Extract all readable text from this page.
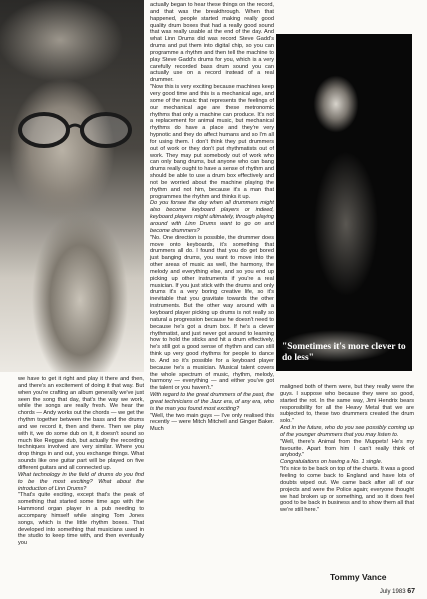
"Sometimes it's more clever to do less"

we have to get it right and play it there and then, and there's an excitement of doing it that way. But when you're crafting an album generally we've just seen the song that day, that's the way we work, while the songs are really fresh. We hear the chords — Andy works out the chords — we get the rhythm together between the bass and the drums and we record it, then and there. Then we play with it, we do some dub on it, it doesn't sound so much like Reggae dub, but actually the recording techniques involved are very similar. Where you drop things in and out, you exchange things. What sounds like one guitar part will be played on five different guitars and all connected up.

What technology in the field of drums do you find to be the most exciting? What about the introduction of Linn Drums?

"That's quite exciting, except that's the peak of something that started some time ago with the Hammond organ player in a pub needing to accompany himself while singing Tom Jones songs, which is the little rhythm boxes. That developed into something that musicians used in the studio to keep time with, and then eventually you

actually began to hear these things on the record, and that was the breakthrough. When that happened, people started making really good quality drum boxes that had a really good sound that was really usable at the end of the day. And what Linn Drums did was record Steve Gadd's drums and put them into digital chip, so you can programme a rhythm and then tell the machine to play Steve Gadd's drums for you, which is a very carefully recorded bass drum sound you can actually use on a record instead of a real drummer.

"Now this is very exciting because machines keep very good time and this is a mechanical age, and some of the music that represents the feelings of our mechanical age are these metronomic rhythms that only a machine can produce. It's not a replacement for animal music, but mechanical rhythms do have a place and they're very hypnotic and they do affect humans and so I'm all for using them. I don't think they put drummers out of work or they don't put rhythmatists out of work. They may put somebody out of work who can only bang drums, but anyone who can bang drums really ought to have a sense of rhythm and should be able to use a drum box effectively and not be worried about the machine playing the rhythm and not him, because it's a man that programmes the rhythm and thinks it up.

Do you forsee the day when all drummers might also become keyboard players or indeed, keyboard players might ultimately, through playing around with Linn Drums want to go on and become drummers?

"No. One direction is possible, the drummer does move onto keyboards, it's something that drummers all do. I found that you do get bored just banging drums, you want to move into the other areas of music as well, the harmony, the melody and everything else, and so you end up picking up other instruments if you're a real musician. If you just stick with the drums and only drums it's a very boring creative life, so it's inevitable that you gravitate towards the other instruments. But the other way around with a keyboard player picking up drums is not really so natural a progression because he doesn't need to because he's got a drum box. If he's a clever rhythmatist, and just never got around to learning how to hold the sticks and hit a drum effectively, he's still got a good sense of rhythm and can still think up very good rhythms for people to dance to. And so it's possible for a keyboard player because he's a musician. Musical talent covers the whole spectrum of music, rhythm, melody, harmony — everything — and either you've got the talent or you haven't."

With regard to the great drummers of the past, the great technicians of the Jazz era, of any era, who is the man you found most exciting?

"Well, the two main guys — I've only realised this recently — were Mitch Mitchell and Ginger Baker. Much

maligned both of them were, but they really were the guys. I suppose who because they were so good, started the rot. In the same way, Jimi Hendrix bears responsibility for all the Heavy Metal that we are subjected to, these two drummers created the drum solo."

And in the future, who do you see possibly coming up of the younger drummers that you may listen to.

"Well, there's Animal from the Muppets! He's my favourite. Apart from him I can't really think of anybody."

Congratulations on having a No. 1 single.

"It's nice to be back on top of the charts. It was a good feeling to come back to England and have lots of doubts wiped out. We came back after all of our projects and were the Police again; everyone thought we had broken up or something, and so it does feel good to be back in business and to show them all that we're still here."

Tommy Vance

July 1983 67
